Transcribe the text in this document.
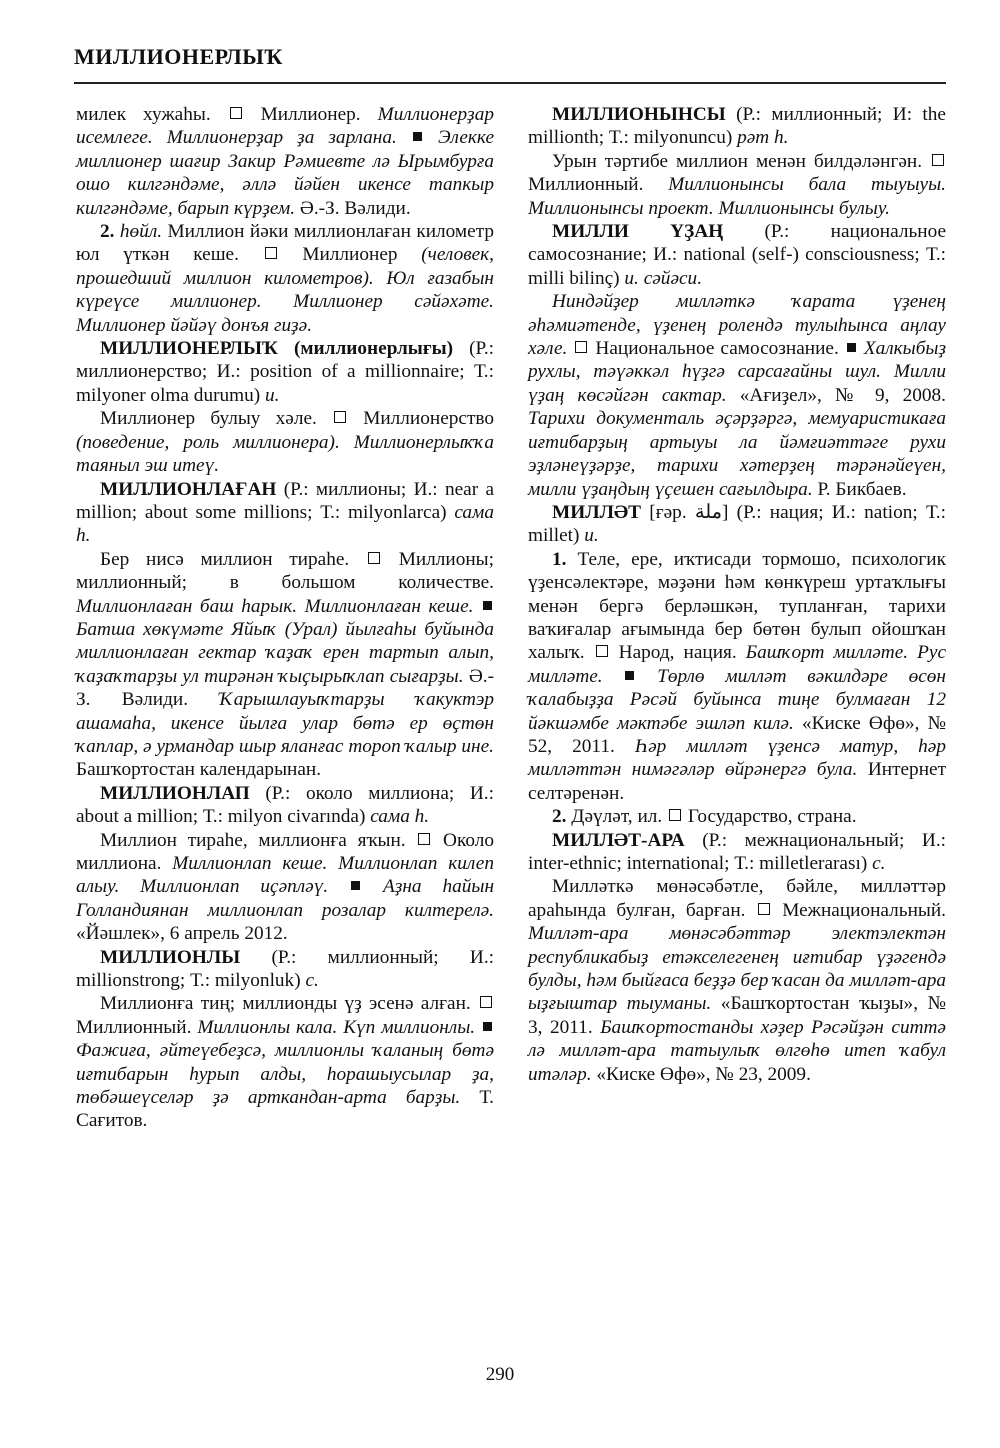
МИЛЛИОНЕРЛЫҠ

милек хужаһы.	Миллионер. Миллионерҙар исемлеге. Миллионерҙар ҙа зарлана. Элекке миллионер шағир Закир Рәмиевте лә Ырымбурға ошо килгәндәме, әллә йәйен икенсе тапкыр килгәндәме, барып күрҙем. Ә.-З. Вәлиди.

2. һөйл. Миллион йәки миллионлаған километр юл үткән кеше.	Миллионер (человек, прошедший миллион километров). Юл ғазабын күреүсе миллионер. Миллионер сәйәхәте. Миллионер йәйәү донъя гиҙә.

МИЛЛИОНЕРЛЫҠ (миллионерлығы) (Р.: миллионерство; И.: position of a millionnaire; Т.: milyoner olma durumu) и.

Миллионер булыу хәле. Миллионерство (поведение, роль миллионера). Миллионерлыҡҡа таяныл эш итеү.

МИЛЛИОНЛАҒАН (Р.: миллионы; И.: near a million; about some millions; Т.: milyonlarca) сама h.

Бер нисә миллион тираһе.	Миллионы; миллионный; в большом количестве. Миллионлаған баш һарык. Миллионлаған кеше.  Батша хөкүмәте Яйыҡ (Урал) йылғаһы буйында миллионлаған гектар ҡаҙаҡ ерен тартып алып, ҡаҙаҡтарҙы ул тирәнән ҡыҫырыҡлап сығарҙы. Ә.-З. Вәлиди. Ҡарышлауыҡтарҙы ҡакуктэр ашамаһа, икенсе йылға улар бөтә ер өҫтөн ҡаплар, ә урмандар шыр яланғас тороп ҡалыр ине. Башҡортостан календарынан.

МИЛЛИОНЛАП (Р.: около миллиона; И.: about a million; Т.: milyon civarında) сама h.

Миллион тираһе, миллионға яҡын. Около миллиона. Миллионлап кеше. Миллионлап килеп алыу. Миллионлап иҫәпләү.	Аҙна һайын Голландиянан миллионлап розалар килтерелә. «Йәшлек», 6 апрель 2012.

МИЛЛИОНЛЫ (Р.: миллионный; И.: millionstrong; Т.: milyonluk) с.

Миллионға тиң; миллионды үҙ эсенә алған.  Миллионный. Миллионлы кала. Күп миллионлы.  Фажиға, әйтеүебеҙсә, миллионлы ҡаланың бөтә иғтибарын һурып алды, һорашыусылар ҙа, төбәшеүселәр ҙә арткандан-арта барҙы. Т. Сағитов.

МИЛЛИОНЫНСЫ (Р.: миллионный; И: the millionth; Т.: milyonuncu) рәт h.

Урын тәртибе миллион менән билдәләнгән.  Миллионный. Миллионынсы бала тыуыуы. Миллионынсы проект. Миллионынсы булыу.

МИЛЛИ ҮҘАҢ (Р.: национальное самосознание; И.: national (self-) consciousness; Т.: milli bilinç) и. сәйәси.

Ниндәйҙер милләткә ҡарата үҙенең әһәмиәтенде, үҙенең ролендә тулыһынса аңлау хәле. Национальное самосознание. Халкыбыҙ рухлы, тәүәккәл һүҙгә сарсағайны шул. Милли үҙаң көсәйгән сактар. «Ағиҙел», № 9, 2008. Тарихи документаль әҫәрҙәргә, мемуаристикаға иғтибарҙың артыуы ла йәмғиәттәге рухи эҙләнеүҙәрҙе, тарихи хәтерҙең тәрәнәйеүен, милли үҙаңдың үҫешен сағылдыра. Р. Бикбаев.

МИЛЛӘТ [ғәр. ملة] (Р.: нация; И.: nation; Т.: millet) и.

1. Теле, ере, иҡтисади тормошо, психологик үҙенсәлектәре, мәҙәни һәм көнкүреш уртаҡлығы менән бергә берләшкән, тупланған, тарихи ваҡиғалар ағымында бер бөтөн булып ойошҡан халыҡ. Народ, нация. Башҡорт милләте. Рус милләте.	Төрлө милләт вәкилдәре өсөн ҡалабыҙҙа Рәсәй буйынса тиңе булмаған 12 йәкшәмбе мәктәбе эшләп килә. «Киске Өфө», № 52, 2011. Һәр милләт үҙенсә матур, һәр милләттән нимәгәләр өйрәнергә була. Интернет селтәренән.

2. Дәүләт, ил. Государство, страна.

МИЛЛӘТ-АРА (Р.: межнациональный; И.: inter-ethnic; international; Т.: milletlerarası) с.

Милләткә мөнәсәбәтле, бәйле, милләттәр араһында булған, барған. Межнациональный. Милләт-ара мөнәсәбәттәр электэлектән республикабыҙ етәкселегенең иғтибар үҙәгендә булды, һәм быйғаса беҙҙә бер ҡасан да милләт-ара ыҙғыштар тыуманы. «Башҡортостан ҡыҙы», № 3, 2011. Башҡортостанды хәҙер Рәсәйҙән ситтә лә милләт-ара татыулыҡ өлгөһө итеп ҡабул итәләр. «Киске Өфө», № 23, 2009.

290
